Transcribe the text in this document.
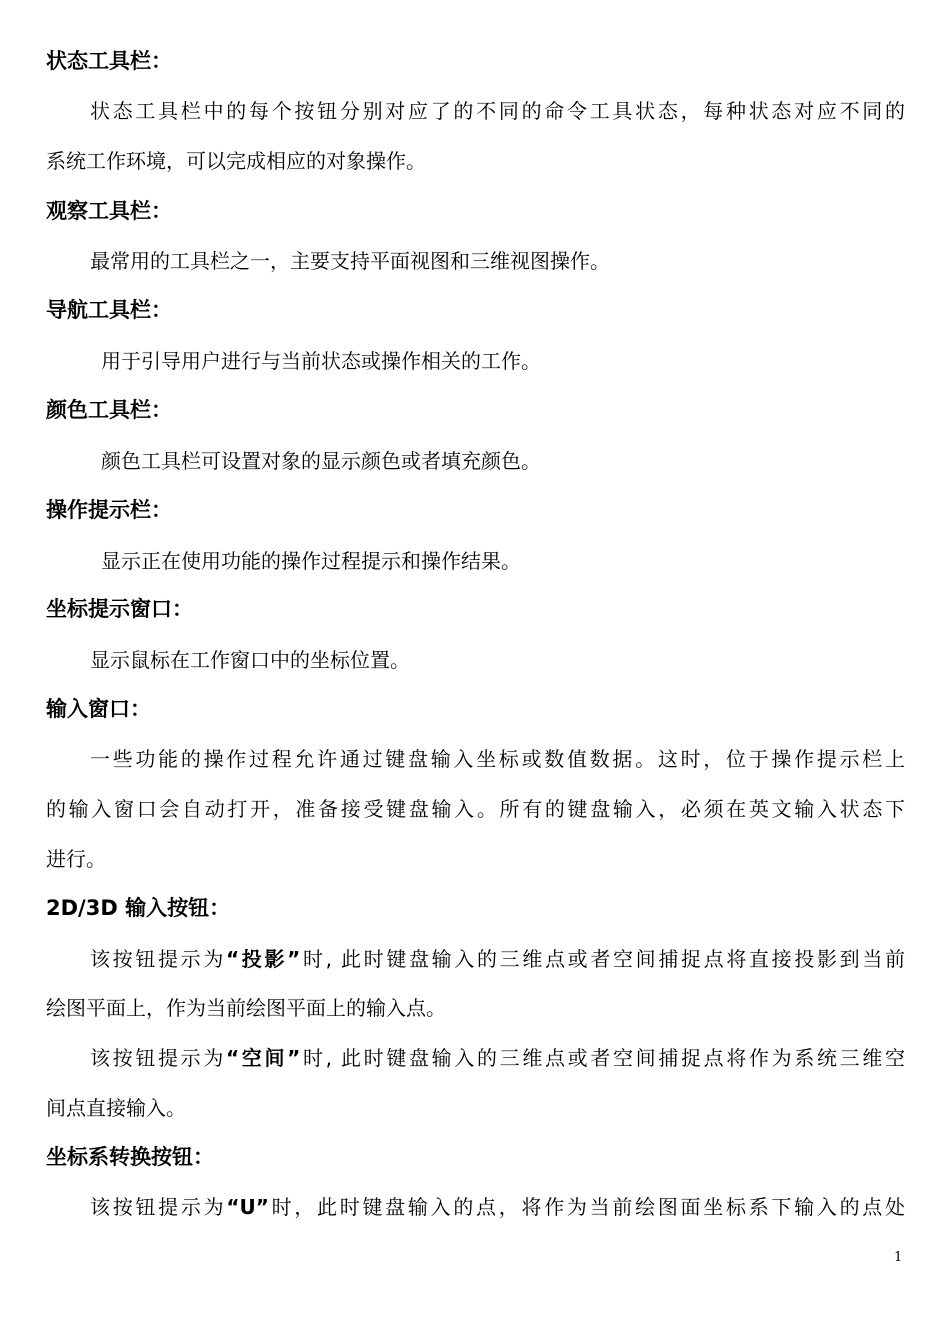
状态工具栏：
状态工具栏中的每个按钮分别对应了的不同的命令工具状态，每种状态对应不同的
系统工作环境，可以完成相应的对象操作。
观察工具栏：
最常用的工具栏之一，主要支持平面视图和三维视图操作。
导航工具栏：
用于引导用户进行与当前状态或操作相关的工作。
颜色工具栏：
颜色工具栏可设置对象的显示颜色或者填充颜色。
操作提示栏：
显示正在使用功能的操作过程提示和操作结果。
坐标提示窗口：
显示鼠标在工作窗口中的坐标位置。
输入窗口：
一些功能的操作过程允许通过键盘输入坐标或数值数据。这时，位于操作提示栏上
的输入窗口会自动打开，准备接受键盘输入。所有的键盘输入，必须在英文输入状态下
进行。
2D/3D 输入按钮：
该按钮提示为“投影”时, 此时键盘输入的三维点或者空间捕捉点将直接投影到当前
绘图平面上，作为当前绘图平面上的输入点。
该按钮提示为“空间”时, 此时键盘输入的三维点或者空间捕捉点将作为系统三维空
间点直接输入。
坐标系转换按钮：
该按钮提示为“U”时，此时键盘输入的点，将作为当前绘图面坐标系下输入的点处
1
